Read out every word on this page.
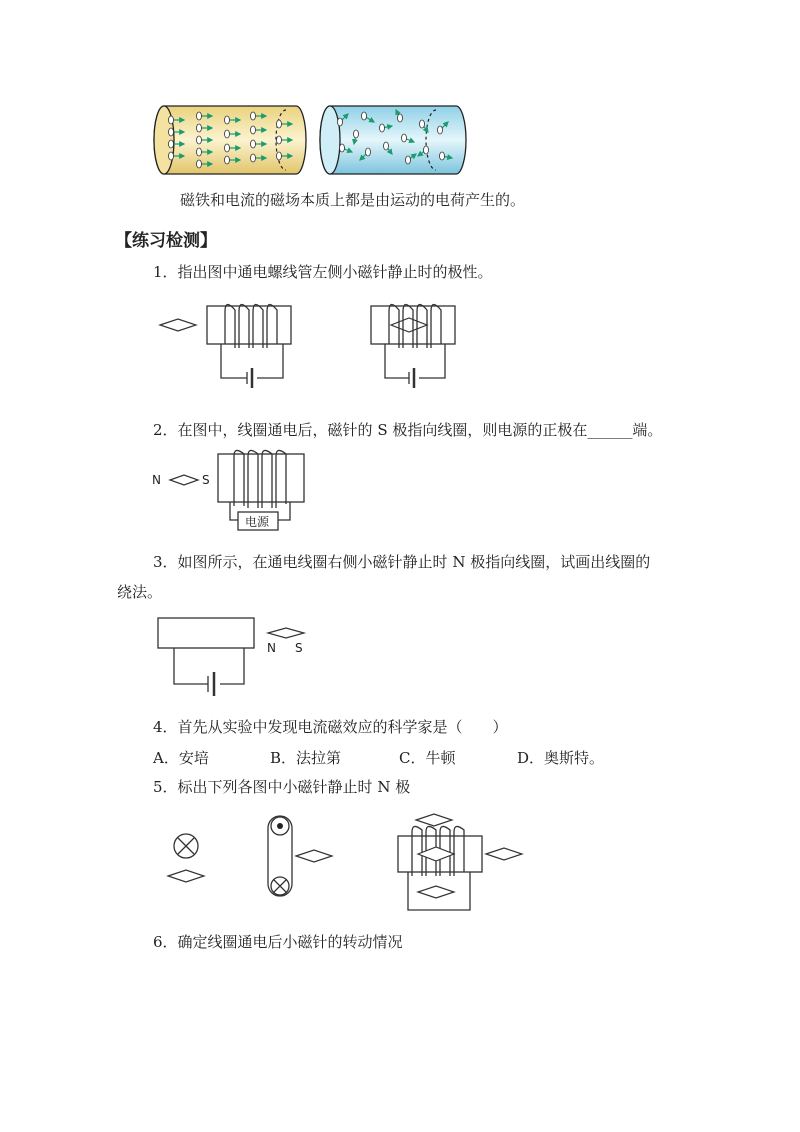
磁铁和电流的磁场本质上都是由运动的电荷产生的。
【练习检测】
1．指出图中通电螺线管左侧小磁针静止时的极性。
2．在图中，线圈通电后，磁针的 S 极指向线圈，则电源的正极在______端。
N	S
电源
3．如图所示，在通电线圈右侧小磁针静止时 N 极指向线圈，试画出线圈的
绕法。
N S
4．首先从实验中发现电流磁效应的科学家是（　　）
A．安培	B．法拉第	C．牛顿	D．奥斯特。
5．标出下列各图中小磁针静止时 N 极
6．确定线圈通电后小磁针的转动情况
